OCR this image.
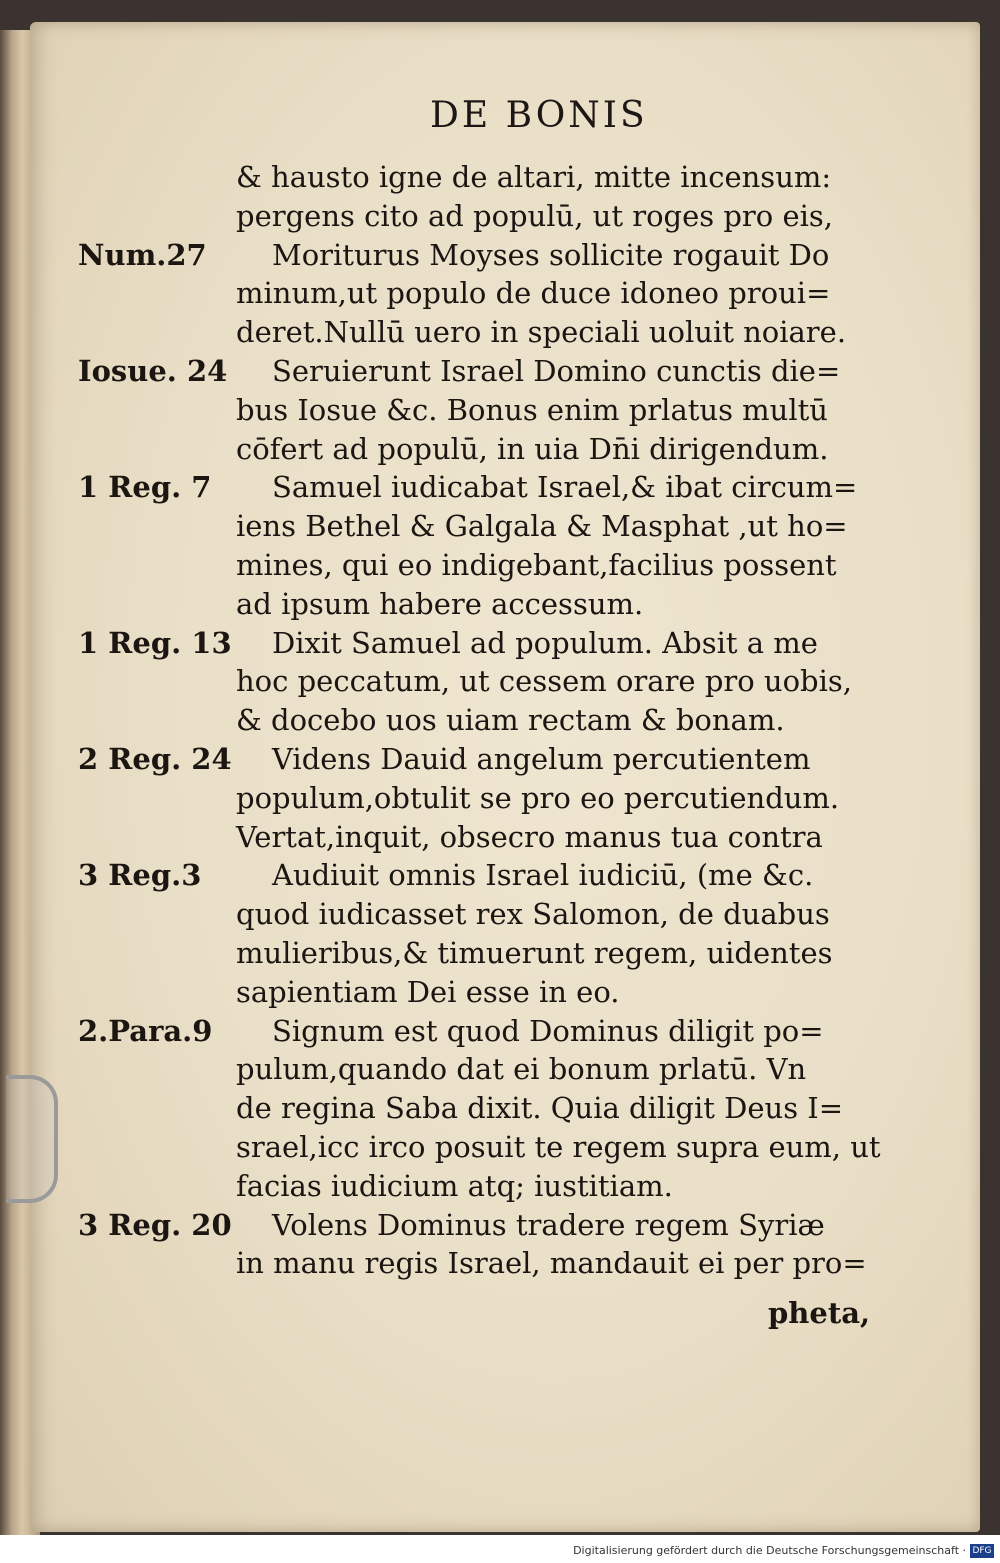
DE BONIS
& hausto igne de altari, mitte incensum:
pergens cito ad populū, ut roges pro eis,
Num.27 Moriturus Moyses sollicite rogauit Do
minum,ut populo de duce idoneo proui=
deret.Nullū uero in speciali uoluit noiare.
Iosue. 24 Seruierunt Israel Domino cunctis die=
bus Iosue &c. Bonus enim prlatus multū
cōfert ad populū, in uia Dn̄i dirigendum.
1 Reg. 7 Samuel iudicabat Israel,& ibat circum=
iens Bethel & Galgala & Masphat ,ut ho=
mines, qui eo indigebant,facilius possent
ad ipsum habere accessum.
1 Reg. 13 Dixit Samuel ad populum. Absit a me
hoc peccatum, ut cessem orare pro uobis,
& docebo uos uiam rectam & bonam.
2 Reg. 24 Videns Dauid angelum percutientem
populum,obtulit se pro eo percutiendum.
Vertat,inquit, obsecro manus tua contra
3 Reg.3 Audiuit omnis Israel iudiciū, (me &c.
quod iudicasset rex Salomon, de duabus
mulieribus,& timuerunt regem, uidentes
sapientiam Dei esse in eo.
2.Para.9 Signum est quod Dominus diligit po=
pulum,quando dat ei bonum prlatū. Vn
de regina Saba dixit. Quia diligit Deus I=
srael,icc irco posuit te regem supra eum, ut
facias iudicium atq; iustitiam.
3 Reg. 20 Volens Dominus tradere regem Syriæ
in manu regis Israel, mandauit ei per pro=
pheta,
Digitalisierung gefördert durch die Deutsche Forschungsgemeinschaft · DFG
